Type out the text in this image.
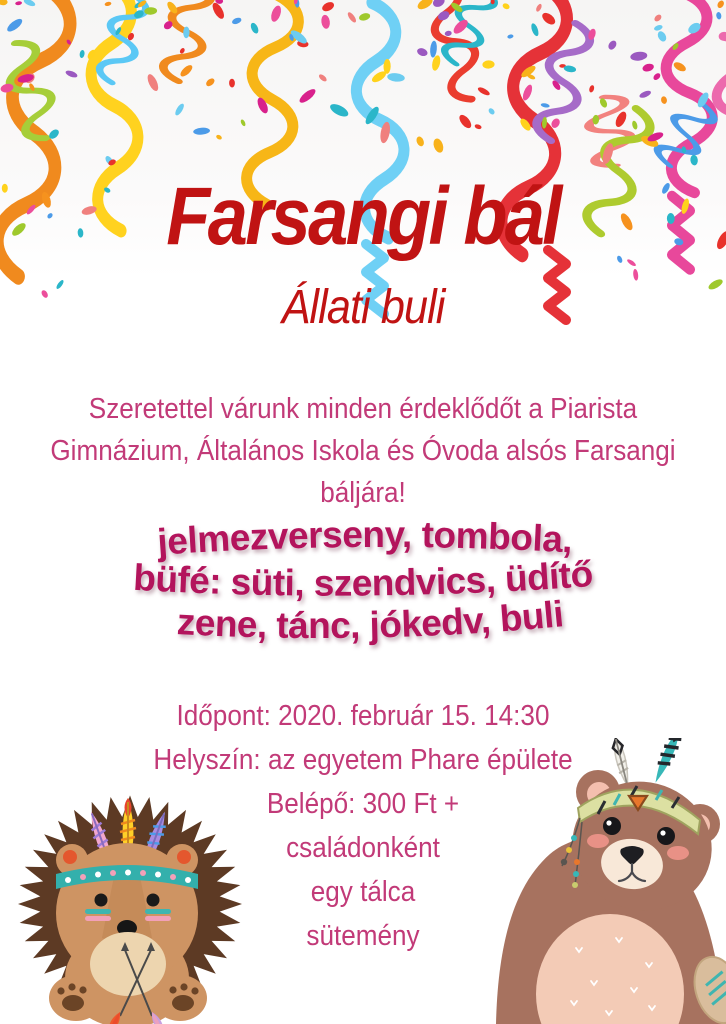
Farsangi bál
Állati buli
Szeretettel várunk minden érdeklődőt a Piarista
Gimnázium, Általános Iskola és Óvoda alsós Farsangi
báljára!
jelmezverseny, tombola,
büfé: süti, szendvics, üdítő
zene, tánc, jókedv, buli
Időpont: 2020. február 15. 14:30
Helyszín: az egyetem Phare épülete
Belépő: 300 Ft +
családonként
egy tálca
sütemény
